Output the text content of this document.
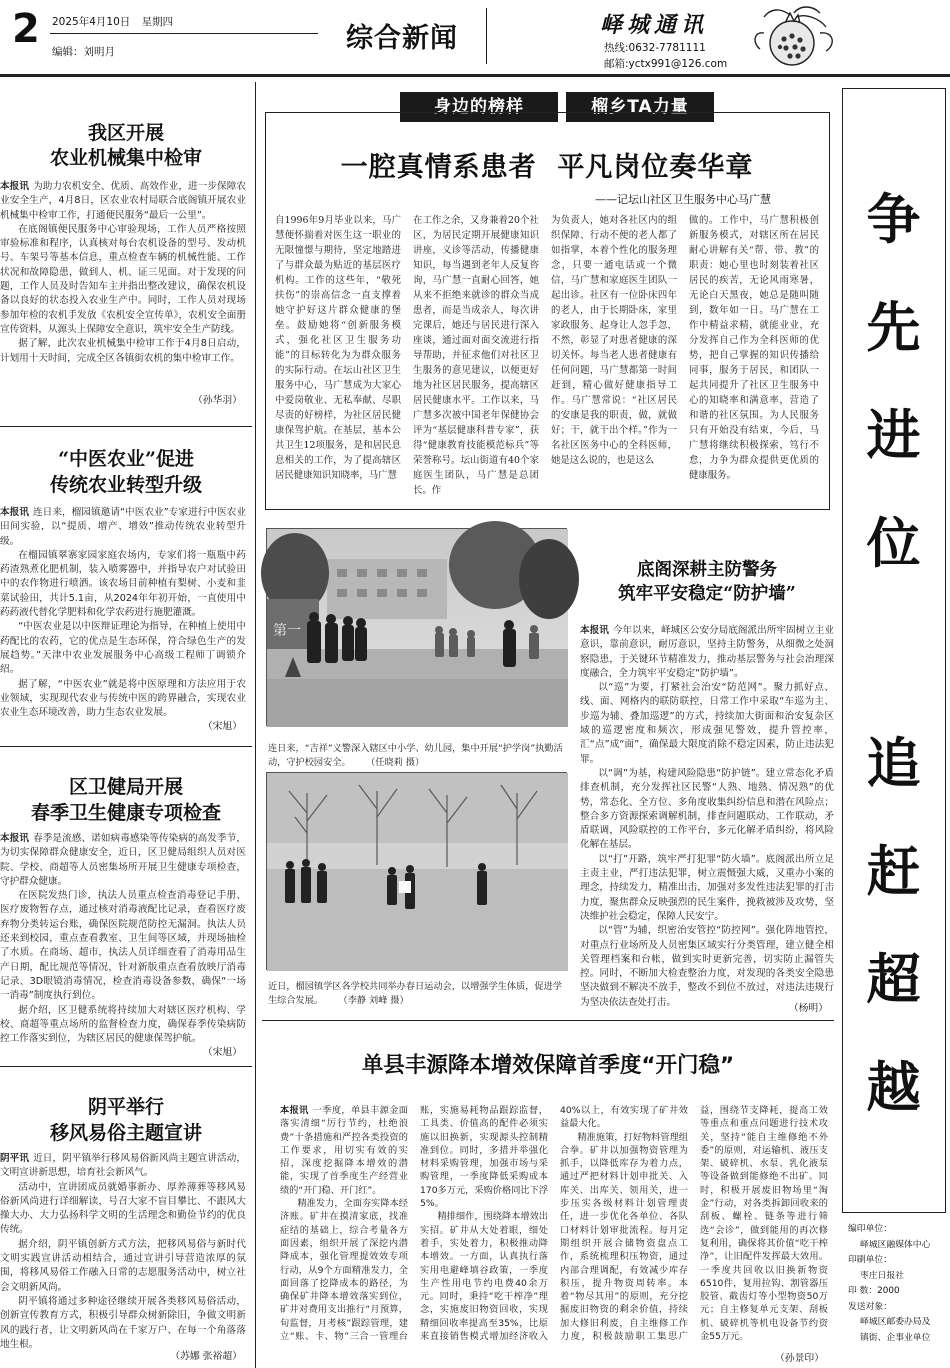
2 2025年4月10日 星期四
编辑：刘明月	综合新闻	峄城通讯
热线:0632-7781111
邮箱:yctx991@126.com
我区开展
农业机械集中检审

本报讯 为助力农机安全、优质、高效作业，进一步保障农业安全生产，4月8日，区农业农村局联合底阁镇开展农业机械集中检审工作，打通便民服务“最后一公里”。

在底阁镇便民服务中心审验现场，工作人员严格按照审验标准和程序，认真核对每台农机设备的型号、发动机号、车架号等基本信息，重点检查车辆的机械性能、工作状况和故障隐患，做到人、机、证三见面。对于发现的问题，工作人员及时告知车主并指出整改建议，确保农机设备以良好的状态投入农业生产中。同时，工作人员对现场参加年检的农机手发放《农机安全宣传单》，农机安全面册宣传资料，从源头上保障安全意识，筑牢安全生产防线。

据了解，此次农业机械集中检审工作于4月8日启动，计划用十天时间，完成全区各镇街农机的集中检审工作。

（孙华羽）
“中医农业”促进
传统农业转型升级

本报讯 连日来，榴园镇邀请“中医农业”专家进行中医农业田间实验，以“提质、增产、增效”推动传统农业转型升级。

在榴园镇翠寨家园家庭农场内，专家们将一瓶瓶中药药渣熟煮化肥机制，装入喷雾器中，并指导农户对试验田中的农作物进行喷洒。该农场目前种植有梨树、小麦和韭菜试验田，共计5.1亩，从2024年年初开始，一直使用中药药液代替化学肥料和化学农药进行施肥灌溉。

“中医农业是以中医辩证理论为指导，在种植上使用中药配比的农药，它的优点是生态环保，符合绿色生产的发展趋势。”天津中农业发展服务中心高级工程师丁调锁介绍。

据了解，“中医农业”就是将中医原理和方法应用于农业领域，实现现代农业与传统中医的跨界融合，实现农业农业生态环境改善，助力生态农业发展。

（宋旭）
区卫健局开展
春季卫生健康专项检查

本报讯 春季是流感、诺如病毒感染等传染病的高发季节，为切实保障群众健康安全，近日，区卫健局组织人员对医院、学校、商超等人员密集场所开展卫生健康专项检查，守护群众健康。

在医院发热门诊，执法人员重点检查消毒登记手册、医疗废物暂存点，通过核对消毒液配比记录，查看医疗废弃物分类转运台账，确保医院规范防控无漏洞。执法人员还来到校园，重点查看教室、卫生间等区域，并现场抽检了水质。在商场、超市，执法人员详细查看了消毒用品生产日期，配比规范等情况，针对新版重点查看放映厅消毒记录、3D眼镜消毒情况，检查消毒设备参数，确保“一场一消毒”制度执行到位。

据介绍，区卫健系统将持续加大对辖区医疗机构、学校、商超等重点场所的监督检查力度，确保春季传染病防控工作落实到位，为辖区居民的健康保驾护航。

（宋旭）
阴平举行
移风易俗主题宣讲

阴平讯 近日，阴平镇举行移风易俗新风尚主题宣讲活动，文明宣讲新思想，培育社会新风气。

活动中，宣讲团成员就婚事新办、厚养薄葬等移风易俗新风尚进行详细解读，号召大家不盲目攀比、不跟风大操大办、大力弘扬科学文明的生活理念和勤俭节约的优良传统。

据介绍，阴平镇创新方式方法，把移风易俗与新时代文明实践宣讲活动相结合，通过宣讲引导营造浓厚的氛围，将移风易俗工作融入日常的志愿服务活动中，树立社会文明新风尚。

阴平镇将通过多种途径继续开展各类移风易俗活动，创新宣传教育方式，积极引导群众树新除旧，争做文明新风的践行者，让文明新风尚在千家万户、在每一个角落落地生根。

（苏娜 张裕超）
身边的榜样	榴乡TA力量
一腔真情系患者  平凡岗位奏华章
——记坛山社区卫生服务中心马广慧
自1996年9月毕业以来，马广慧便怀揣着对医生这一职业的无限憧憬与期待，坚定地踏进了与群众最为贴近的基层医疗机构。工作的这些年，“敬死扶伤”的崇高信念一直支撑着她守护好这片群众健康的堡垒。鼓励她将“创新服务模式，强化社区卫生服务功能”的目标转化为为群众服务的实际行动。在坛山社区卫生服务中心，马广慧成为大家心中爱岗敬业、无私奉献、尽职尽责的好榜样，为社区居民健康保驾护航。在基层，基本公共卫生12项服务，是和居民息息相关的工作，为了提高辖区居民健康知识知晓率，马广慧
在工作之余，又身兼着20个社区，为居民定期开展健康知识讲座，义诊等活动，传播健康知识，每当遇到老年人反复咨询，马广慧一直耐心回答，她从来不拒绝来就诊的群众当成患者，而是当成亲人，每次讲完课后，她还与居民进行深入座谈，通过面对面交流进行指导帮助，并征求他们对社区卫生服务的意见建议，以便更好地为社区居民服务，提高辖区居民健康水平。工作以来，马广慧多次被中国老年保健协会评为“基层健康科普专家”，获得“健康教育技能模范标兵”等荣誉称号。坛山街道有40个家庭医生团队，马广慧是总团长。作
为负责人，她对各社区内的组织保障、行动不便的老人都了如指掌，本着个性化的服务理念，只要一通电话或一个微信，马广慧和家庭医生团队一起出诊。社区有一位卧床四年的老人，由于长期卧床，家里家政服务、起身让人忽手忽，不然，彰显了对患者健康的深切关怀。每当老人患者健康有任何问题，马广慧都第一时间赶到，精心做好健康指导工作。马广慧常说：“社区居民的安康是我的职责，做，就做好；干，就干出个样。”作为一名社区医务中心的全科医师，她是这么说的，也是这么
做的。工作中，马广慧积极创新服务模式，对辖区所在居民耐心讲解有关“帮、带、教”的职责：她心里也时刻装着社区居民的疾苦，无论风雨寒暑，无论白天黑夜，她总是随叫随到，数年如一日。马广慧在工作中精益求精，就能业业，充分发挥自己作为全科医师的优势，把自己掌握的知识传播给同事，服务于居民，和团队一起共同提升了社区卫生服务中心的知晓率和满意率，营造了和谐的社区氛围。为人民服务只有开始没有结束，今后，马广慧将继续积极探索，笃行不怠，力争为群众提供更优质的健康服务。
第一
连日来，“吉祥”义警深入辖区中小学、幼儿园，集中开展“护学岗”执勤活动，守护校园安全。 （任晓莉 摄）
近日，榴园镇学区各学校共同举办春日运动会，以增强学生体质，促进学生综合发展。 （李静 刘峰 摄）
底阁深耕主防警务
筑牢平安稳定“防护墙”

本报讯 今年以来，峄城区公安分局底阁派出所牢固树立主业意识，靠前意识，耐厉意识，坚持主防警务，从细微之处洞察隐患，于关键环节精准发力，推动基层警务与社会治理深度融合，全力筑牢平安稳定“防护墙”。

以“巡”为要，打紧社会治安“防范网”。聚力抓好点、线、面、网格内的联防联控，日常工作中采取“车巡为主、步巡为辅、叠加巡逻”的方式，持续加大街面和治安复杂区域的巡逻密度和频次，形成强见警效，提升管控率，汇“点”成“面”，确保最大限度消除不稳定因素，防止违法犯罪。

以“调”为基，构建风险隐患“防护链”。建立常态化矛盾排查机制，充分发挥社区民警“人熟、地熟、情况熟”的优势，常态化、全方位、多角度收集纠纷信息和潜在风险点；整合多方资源探索调解机制，排查问题联动、工作联动，矛盾联调，风险联控的工作平台，多元化解矛盾纠纷，将风险化解在基层。

以“打”开路，筑牢严打犯罪“防火墙”。底阁派出所立足主责主业，严打违法犯罪，树立震慑强大威，又重办小案的理念，持续发力，精准出击，加强对多发性违法犯罪的打击力度，聚焦群众反映强烈的民生案件，挽救被涉及攻势，坚决维护社会稳定，保障人民安宁。

以“管”为辅，织密治安管控“防控网”。强化阵地管控，对重点行业场所及人员密集区域实行分类管理，建立健全相关管理档案和台帐，做到实时更新完善，切实防止漏管失控。同时，不断加大检查整治力度，对发现的各类安全隐患坚决做到不解决不放手，整改不到位不放过，对违法违规行为坚决依法查处打击。

（杨明）
单县丰源降本增效保障首季度“开门稳”

本报讯 一季度，单县丰源金面落实清细“厉行节约，杜绝浪费”十条措施和严控各类投资的工作要求，用切实有效的实招，深度挖掘降本增效的潜能，实现了首季度生产经营业绩的“开门稳、开门红”。

精准发力，全面夯实降本经济账。矿井在摸清家底，找准症结的基础上，综合考量各方面因素，组织开展了深挖内潜降成本，强化管理提效效专项行动，从9个方面精准发力，全面回落了挖降成本的路径，为确保矿井降本增效落实到位，矿井对费用支出推行“月预算，旬监督，月考核”跟踪管理，建立“账、卡、物”三合一管理台账，实施易耗物品跟踪监督，工具类、价值高的配件必须实施以旧换新，实现源头控制精准到位。同时，多措并举强化材料采购管理，加强市场与采购管理，一季度降低采购成本170多万元，采购价格同比下浮5%。

精排细作，围绕降本增效出实招。矿井从大处着眼，细处着手，实处着力，积极推动降本增效。一方面，认真执行落实用电避峰填谷政策，一季度生产性用电节约电费40余万元。同时，秉持“吃干榨净”理念，实施废旧物资回收，实现精细回收率提高至35%，比原来直接销售模式增加经济收入40%以上，有效实现了矿井效益最大化。

精准施策，打好物料管理组合拳。矿井以加强物资管理为抓手，以降低库存为着力点，通过严把材料计划申批关、入库关、出库关、领用关，进一步压实各级材料计划管理责任，进一步优化各单位、各队口材料计划审批流程。每月定期组织开展合储物资盘点工作，系统梳理积压物资，通过内部合理调配，有效减少库存积压，提升物资周转率。本着“物尽其用”的原则，充分挖掘废旧物资的剩余价值，持续加大修旧利废，自主维修工作力度，积极鼓励职工集思广益，围绕节支降耗，提高工效等重点和重点问题进行技术攻关，坚持“能自主维修绝不外委”的原则，对运输机、液压支架、破碎机、水泵、乳化液泵等设备做到能修绝不出矿。同时，积极开展废旧物场里“淘金”行动，对各类拆卸回收来的刮板、螺栓、链条等进行筛选“会诊”，做到能用的再次修复利用，确保将其价值“吃干榨净”，让旧配件发挥最大效用。一季度共回收以旧换新物资6510件，复用拉钩、割管器压胶管、截齿灯等小型物资50万元；自主修复单元支架、刮板机、破碎机等机电设备节约资金55万元。

（孙景印）
争
先
进
位
追
赶
超
越
编印单位：
峄城区融媒体中心
印刷单位：
枣庄日报社
印 数：2000
发送对象：
峄城区邮委办局及
镇街、企事业单位
